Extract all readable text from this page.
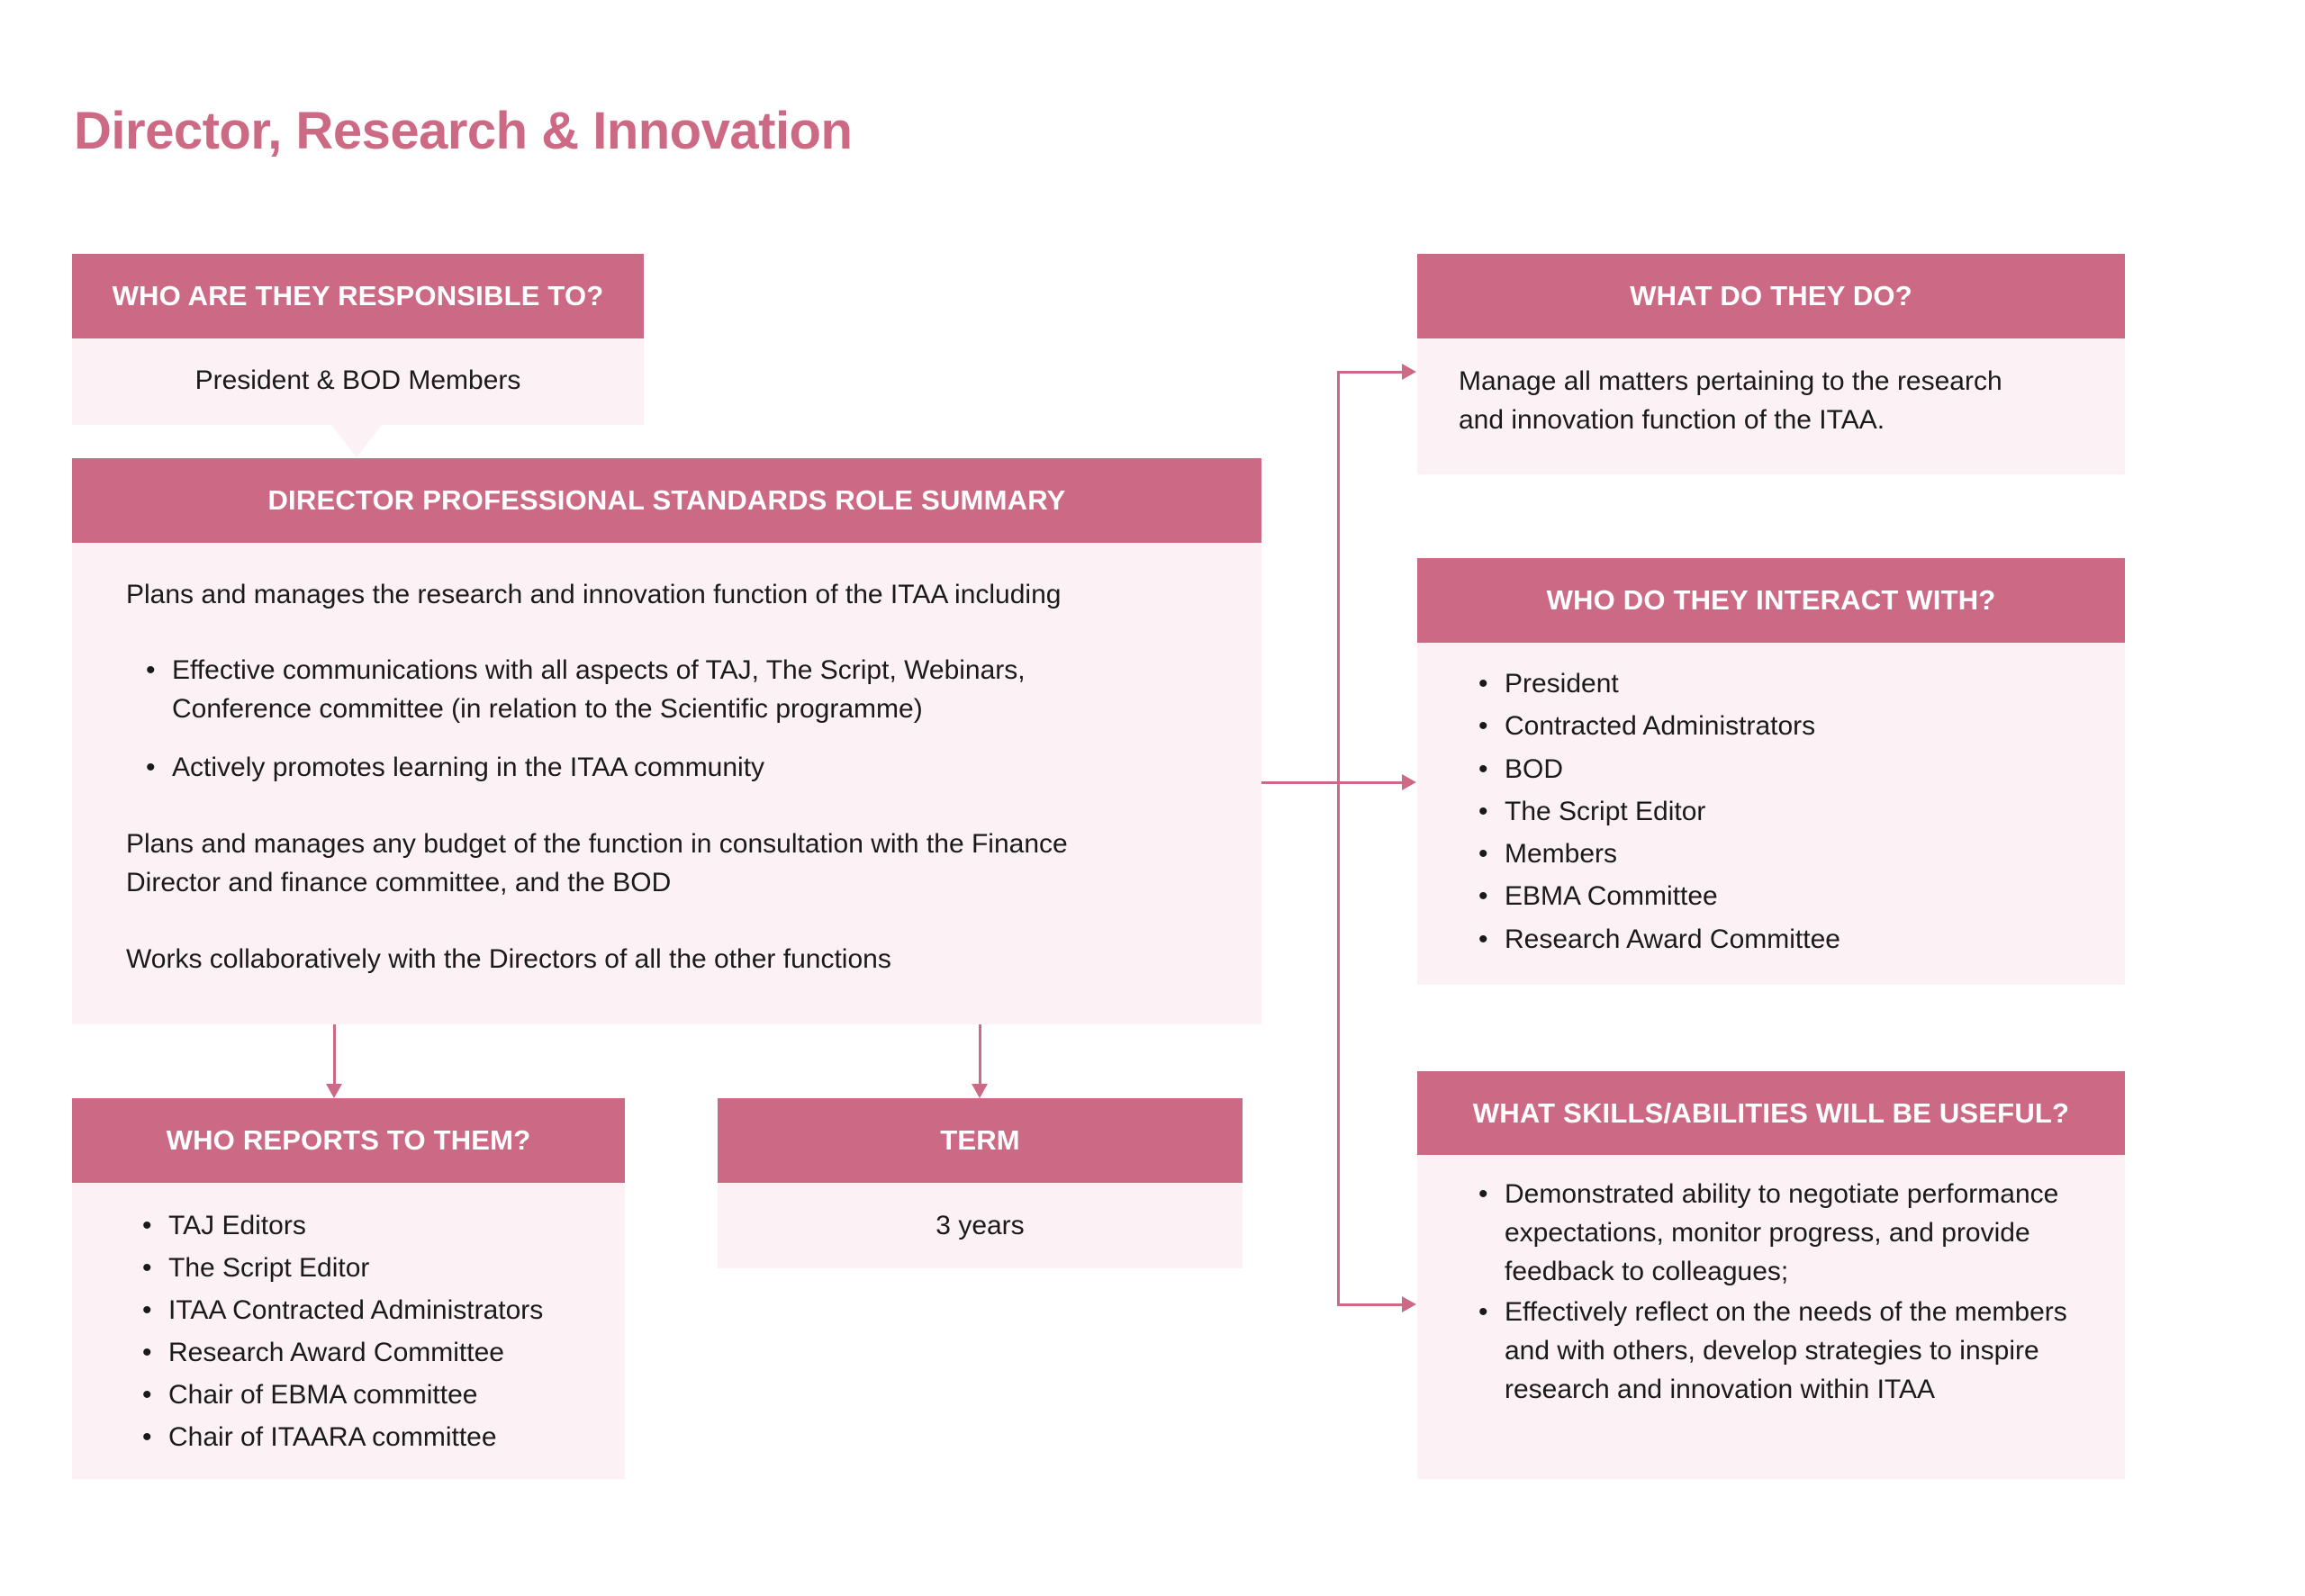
Director, Research & Innovation
WHO ARE THEY RESPONSIBLE TO?
President & BOD Members
DIRECTOR PROFESSIONAL STANDARDS ROLE SUMMARY

Plans and manages the research and innovation function of the ITAA including

• Effective communications with all aspects of TAJ, The Script, Webinars, Conference committee (in relation to the Scientific programme)
• Actively promotes learning in the ITAA community

Plans and manages any budget of the function in consultation with the Finance Director and finance committee, and the BOD

Works collaboratively with the Directors of all the other functions

WHO REPORTS TO THEM?
• TAJ Editors
• The Script Editor
• ITAA Contracted Administrators
• Research Award Committee
• Chair of EBMA committee
• Chair of ITAARA committee
TERM
3 years
WHAT DO THEY DO?

Manage all matters pertaining to the research and innovation function of the ITAA.

WHO DO THEY INTERACT WITH?
• President
• Contracted Administrators
• BOD
• The Script Editor
• Members
• EBMA Committee
• Research Award Committee
WHAT SKILLS/ABILITIES WILL BE USEFUL?
• Demonstrated ability to negotiate performance expectations, monitor progress, and provide feedback to colleagues;
• Effectively reflect on the needs of the members and with others, develop strategies to inspire research and innovation within ITAA
